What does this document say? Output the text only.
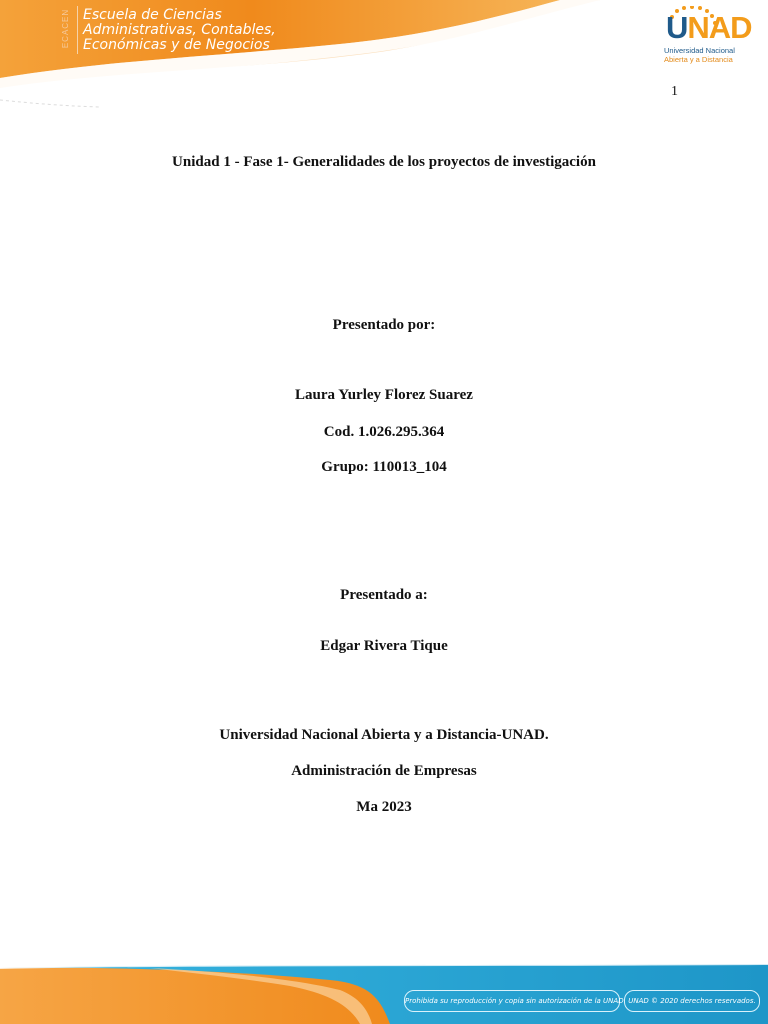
ECACEN Escuela de Ciencias
Administrativas, Contables,
Económicas y de Negocios	UNAD
Universidad Nacional
Abierta y a Distancia
1
Unidad 1 - Fase 1- Generalidades de los proyectos de investigación
Presentado por:
Laura Yurley Florez Suarez
Cod. 1.026.295.364
Grupo: 110013_104
Presentado a:
Edgar Rivera Tique
Universidad Nacional Abierta y a Distancia-UNAD.
Administración de Empresas
Ma 2023
Prohibida su reproducción y copia sin autorización de la UNAD. UNAD © 2020 derechos reservados.
